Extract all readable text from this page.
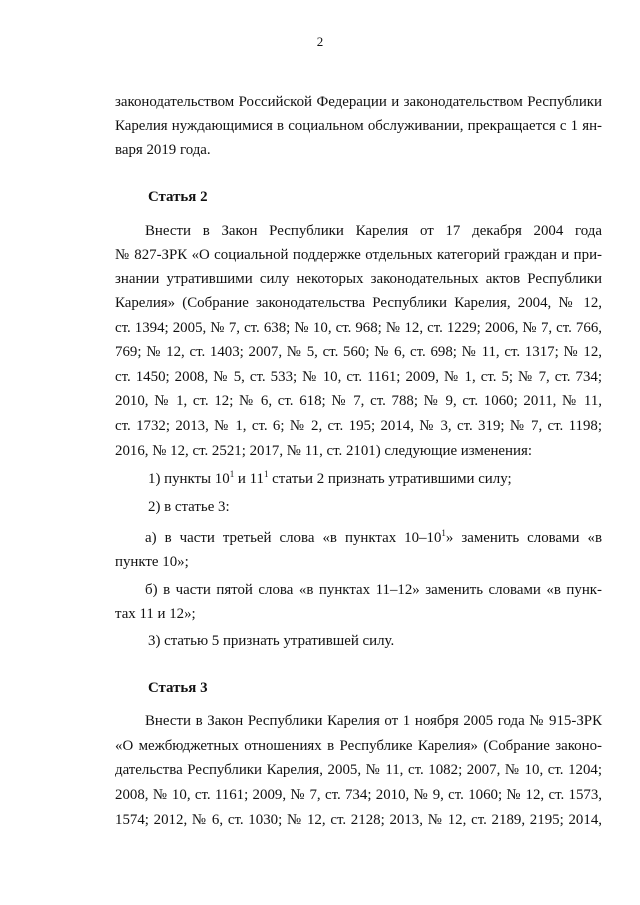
2
законодательством Российской Федерации и законодательством Республики
Карелия нуждающимися в социальном обслуживании, прекращается с 1 ян-
варя 2019 года.
Статья 2
Внести в Закон Республики Карелия от 17 декабря 2004 года
№ 827-ЗРК «О социальной поддержке отдельных категорий граждан и при-
знании утратившими силу некоторых законодательных актов Республики
Карелия» (Собрание законодательства Республики Карелия, 2004, № 12,
ст. 1394; 2005, № 7, ст. 638; № 10, ст. 968; № 12, ст. 1229; 2006, № 7, ст. 766,
769; № 12, ст. 1403; 2007, № 5, ст. 560; № 6, ст. 698; № 11, ст. 1317; № 12,
ст. 1450; 2008, № 5, ст. 533; № 10, ст. 1161; 2009, № 1, ст. 5; № 7, ст. 734;
2010, № 1, ст. 12; № 6, ст. 618; № 7, ст. 788; № 9, ст. 1060; 2011, № 11,
ст. 1732; 2013, № 1, ст. 6; № 2, ст. 195; 2014, № 3, ст. 319; № 7, ст. 1198;
2016, № 12, ст. 2521; 2017, № 11, ст. 2101) следующие изменения:
1) пункты $10^1$ и $11^1$ статьи 2 признать утратившими силу;
2) в статье 3:
а) в части третьей слова «в пунктах $10-10^1$» заменить словами «в
пункте 10»;
б) в части пятой слова «в пунктах 11–12» заменить словами «в пунк-
тах 11 и 12»;
3) статью 5 признать утратившей силу.
Статья 3
Внести в Закон Республики Карелия от 1 ноября 2005 года № 915-ЗРК
«О межбюджетных отношениях в Республике Карелия» (Собрание законо-
дательства Республики Карелия, 2005, № 11, ст. 1082; 2007, № 10, ст. 1204;
2008, № 10, ст. 1161; 2009, № 7, ст. 734; 2010, № 9, ст. 1060; № 12, ст. 1573,
1574; 2012, № 6, ст. 1030; № 12, ст. 2128; 2013, № 12, ст. 2189, 2195; 2014,
